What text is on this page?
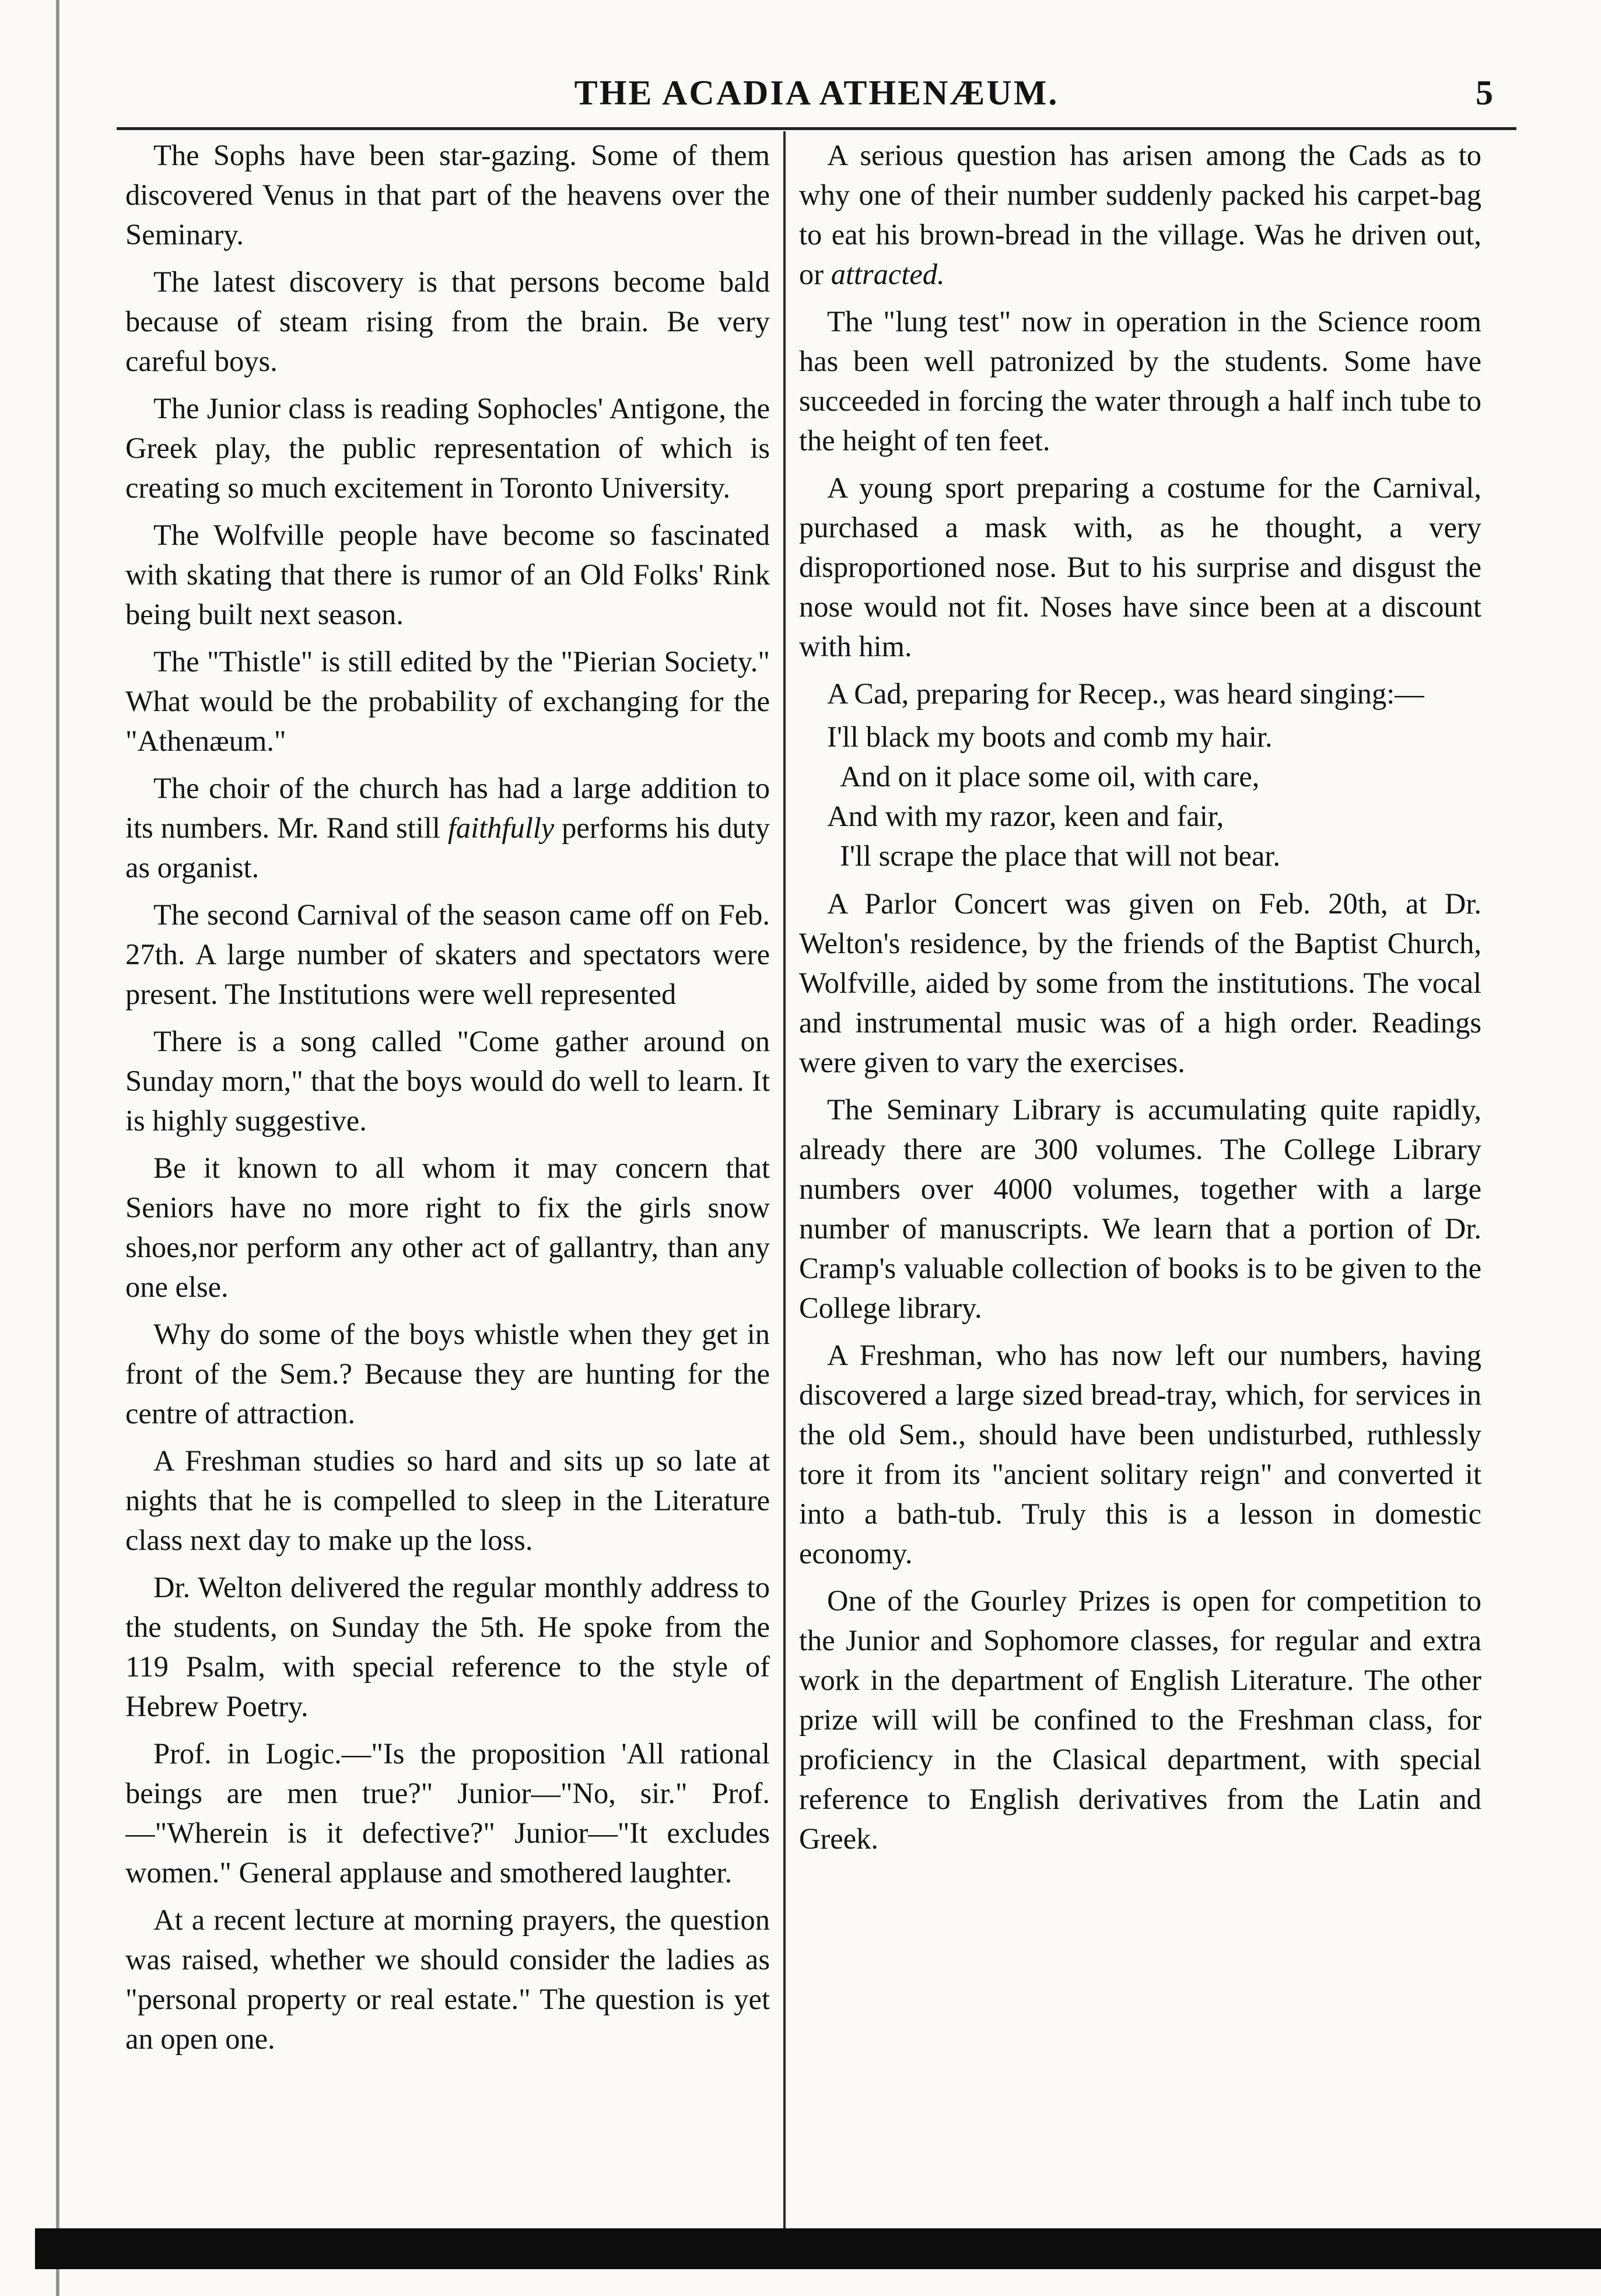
THE ACADIA ATHENÆUM.	5

The Sophs have been star-gazing. Some of them discovered Venus in that part of the heavens over the Seminary.

The latest discovery is that persons become bald because of steam rising from the brain. Be very careful boys.

The Junior class is reading Sophocles' Antigone, the Greek play, the public representation of which is creating so much excitement in Toronto University.

The Wolfville people have become so fascinated with skating that there is rumor of an Old Folks' Rink being built next season.

The "Thistle" is still edited by the "Pierian Society." What would be the probability of exchanging for the "Athenæum."

The choir of the church has had a large addition to its numbers. Mr. Rand still faithfully performs his duty as organist.

The second Carnival of the season came off on Feb. 27th. A large number of skaters and spectators were present. The Institutions were well represented

There is a song called "Come gather around on Sunday morn," that the boys would do well to learn. It is highly suggestive.

Be it known to all whom it may concern that Seniors have no more right to fix the girls snow shoes,nor perform any other act of gallantry, than any one else.

Why do some of the boys whistle when they get in front of the Sem.? Because they are hunting for the centre of attraction.

A Freshman studies so hard and sits up so late at nights that he is compelled to sleep in the Literature class next day to make up the loss.

Dr. Welton delivered the regular monthly address to the students, on Sunday the 5th. He spoke from the 119 Psalm, with special reference to the style of Hebrew Poetry.

Prof. in Logic.—"Is the proposition 'All rational beings are men true?" Junior—"No, sir." Prof.—"Wherein is it defective?" Junior—"It excludes women." General applause and smothered laughter.

At a recent lecture at morning prayers, the question was raised, whether we should consider the ladies as "personal property or real estate." The question is yet an open one.

A serious question has arisen among the Cads as to why one of their number suddenly packed his carpet-bag to eat his brown-bread in the village. Was he driven out, or attracted.

The "lung test" now in operation in the Science room has been well patronized by the students. Some have succeeded in forcing the water through a half inch tube to the height of ten feet.

A young sport preparing a costume for the Carnival, purchased a mask with, as he thought, a very disproportioned nose. But to his surprise and disgust the nose would not fit. Noses have since been at a discount with him.

A Cad, preparing for Recep., was heard singing:—

I'll black my boots and comb my hair.
And on it place some oil, with care,
And with my razor, keen and fair,
I'll scrape the place that will not bear.

A Parlor Concert was given on Feb. 20th, at Dr. Welton's residence, by the friends of the Baptist Church, Wolfville, aided by some from the institutions. The vocal and instrumental music was of a high order. Readings were given to vary the exercises.

The Seminary Library is accumulating quite rapidly, already there are 300 volumes. The College Library numbers over 4000 volumes, together with a large number of manuscripts. We learn that a portion of Dr. Cramp's valuable collection of books is to be given to the College library.

A Freshman, who has now left our numbers, having discovered a large sized bread-tray, which, for services in the old Sem., should have been undisturbed, ruthlessly tore it from its "ancient solitary reign" and converted it into a bath-tub. Truly this is a lesson in domestic economy.

One of the Gourley Prizes is open for competition to the Junior and Sophomore classes, for regular and extra work in the department of English Literature. The other prize will will be confined to the Freshman class, for proficiency in the Clasical department, with special reference to English derivatives from the Latin and Greek.
